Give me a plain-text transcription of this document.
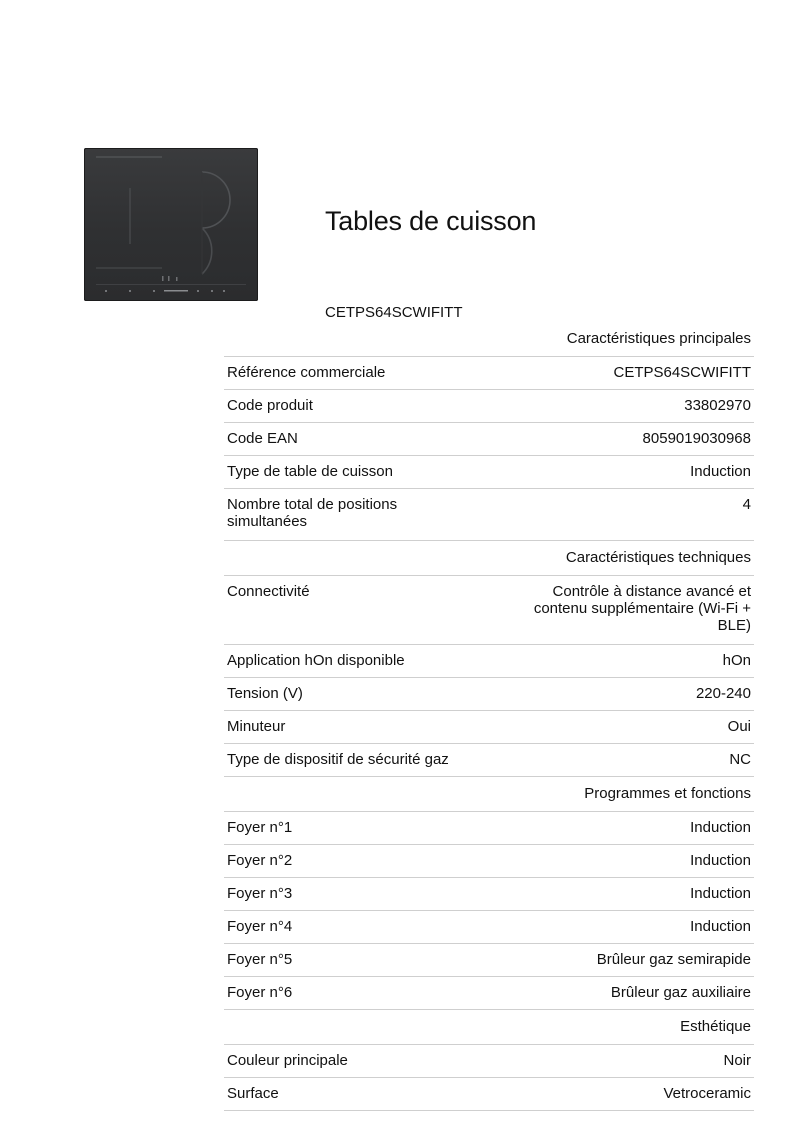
Tables de cuisson
CETPS64SCWIFITT
	Caractéristiques principales
Référence commerciale	CETPS64SCWIFITT
Code produit	33802970
Code EAN	8059019030968
Type de table de cuisson	Induction
Nombre total de positions simultanées	4
	Caractéristiques techniques
Connectivité	Contrôle à distance avancé et contenu supplémentaire (Wi-Fi + BLE)
Application hOn disponible	hOn
Tension (V)	220-240
Minuteur	Oui
Type de dispositif de sécurité gaz	NC
	Programmes et fonctions
Foyer n°1	Induction
Foyer n°2	Induction
Foyer n°3	Induction
Foyer n°4	Induction
Foyer n°5	Brûleur gaz semirapide
Foyer n°6	Brûleur gaz auxiliaire
	Esthétique
Couleur principale	Noir
Surface	Vetroceramic
